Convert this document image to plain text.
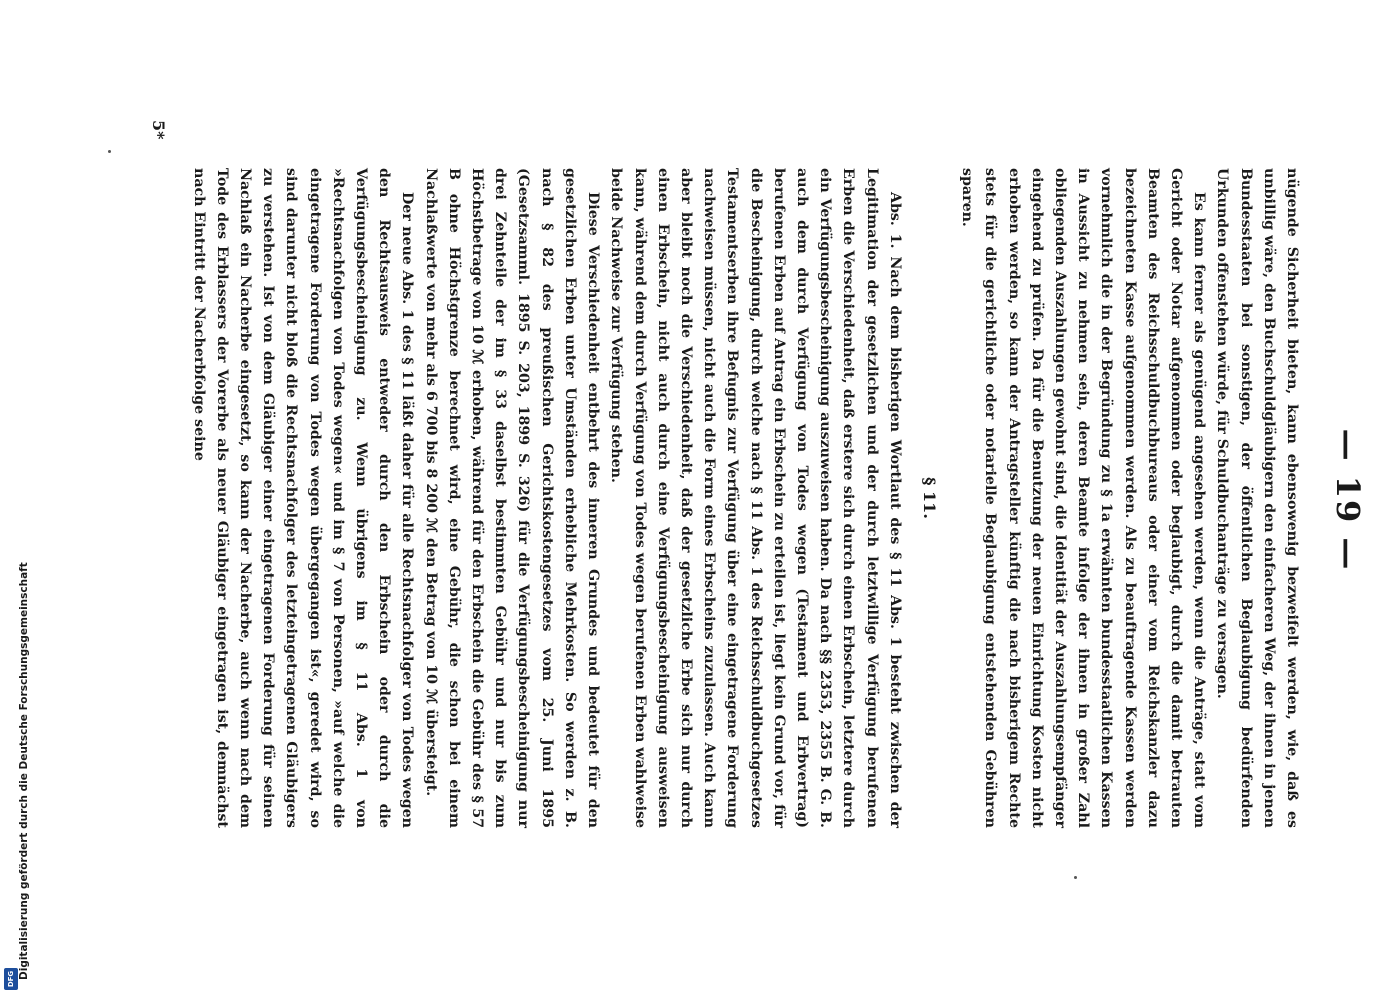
— 19 —

nügende Sicherheit bieten, kann ebensowenig bezweifelt werden, wie, daß es unbillig wäre, den Buchschuldgläubigern den einfacheren Weg, der ihnen in jenen Bundesstaaten bei sonstigen, der öffentlichen Beglaubigung bedürfenden Urkunden offenstehen würde, für Schuldbuchanträge zu versagen.

Es kann ferner als genügend angesehen werden, wenn die Anträge, statt vom Gericht oder Notar aufgenommen oder beglaubigt, durch die damit betrauten Beamten des Reichsschuldbuchbureaus oder einer vom Reichskanzler dazu bezeichneten Kasse aufgenommen werden. Als zu beauftragende Kassen werden vornehmlich die in der Begründung zu § 1a erwähnten bundesstaatlichen Kassen in Aussicht zu nehmen sein, deren Beamte infolge der ihnen in großer Zahl obliegenden Auszahlungen gewohnt sind, die Identität der Auszahlungsempfänger eingehend zu prüfen. Da für die Benutzung der neuen Einrichtung Kosten nicht erhoben werden, so kann der Antragsteller künftig die nach bisherigem Rechte stets für die gerichtliche oder notarielle Beglaubigung entstehenden Gebühren sparen.

§ 11.

Abs. 1. Nach dem bisherigen Wortlaut des § 11 Abs. 1 besteht zwischen der Legitimation der gesetzlichen und der durch letztwillige Verfügung berufenen Erben die Verschiedenheit, daß erstere sich durch einen Erbschein, letztere durch ein Verfügungsbescheinigung auszuweisen haben. Da nach §§ 2353, 2355 B. G. B. auch dem durch Verfügung von Todes wegen (Testament und Erbvertrag) berufenen Erben auf Antrag ein Erbschein zu erteilen ist, liegt kein Grund vor, für die Bescheinigung, durch welche nach § 11 Abs. 1 des Reichsschuldbuchgesetzes Testamentserben ihre Befugnis zur Verfügung über eine eingetragene Forderung nachweisen müssen, nicht auch die Form eines Erbscheins zuzulassen. Auch kann aber bleibt noch die Verschiedenheit, daß der gesetzliche Erbe sich nur durch einen Erbschein, nicht auch durch eine Verfügungsbescheinigung ausweisen kann, während dem durch Verfügung von Todes wegen berufenen Erben wahlweise beide Nachweise zur Verfügung stehen.

Diese Verschiedenheit entbehrt des inneren Grundes und bedeutet für den gesetzlichen Erben unter Umständen erhebliche Mehrkosten. So werden z. B. nach § 82 des preußischen Gerichtskostengesetzes vom 25. Juni 1895 (Gesetzsamml. 1895 S. 203, 1899 S. 326) für die Verfügungsbescheinigung nur drei Zehnteile der im § 33 daselbst bestimmten Gebühr und nur bis zum Höchstbetrage von 10 ℳ erhoben, während für den Erbschein die Gebühr des § 57 B ohne Höchstgrenze berechnet wird, eine Gebühr, die schon bei einem Nachlaßwerte von mehr als 6 700 bis 8 200 ℳ den Betrag von 10 ℳ übersteigt.

Der neue Abs. 1 des § 11 läßt daher für alle Rechtsnachfolger von Todes wegen den Rechtsausweis entweder durch den Erbschein oder durch die Verfügungsbescheinigung zu. Wenn übrigens im § 11 Abs. 1 von »Rechtsnachfolgen von Todes wegen« und im § 7 von Personen, »auf welche die eingetragene Forderung von Todes wegen übergegangen ist«, geredet wird, so sind darunter nicht bloß die Rechtsnachfolger des letzteingetragenen Gläubigers zu verstehen. Ist von dem Gläubiger einer eingetragenen Forderung für seinen Nachlaß ein Nacherbe eingesetzt, so kann der Nacherbe, auch wenn nach dem Tode des Erblassers der Vorerbe als neuer Gläubiger eingetragen ist, demnächst nach Eintritt der Nacherbfolge seine

5*
Digitalisierung gefördert durch die Deutsche Forschungsgemeinschaft
DFG
